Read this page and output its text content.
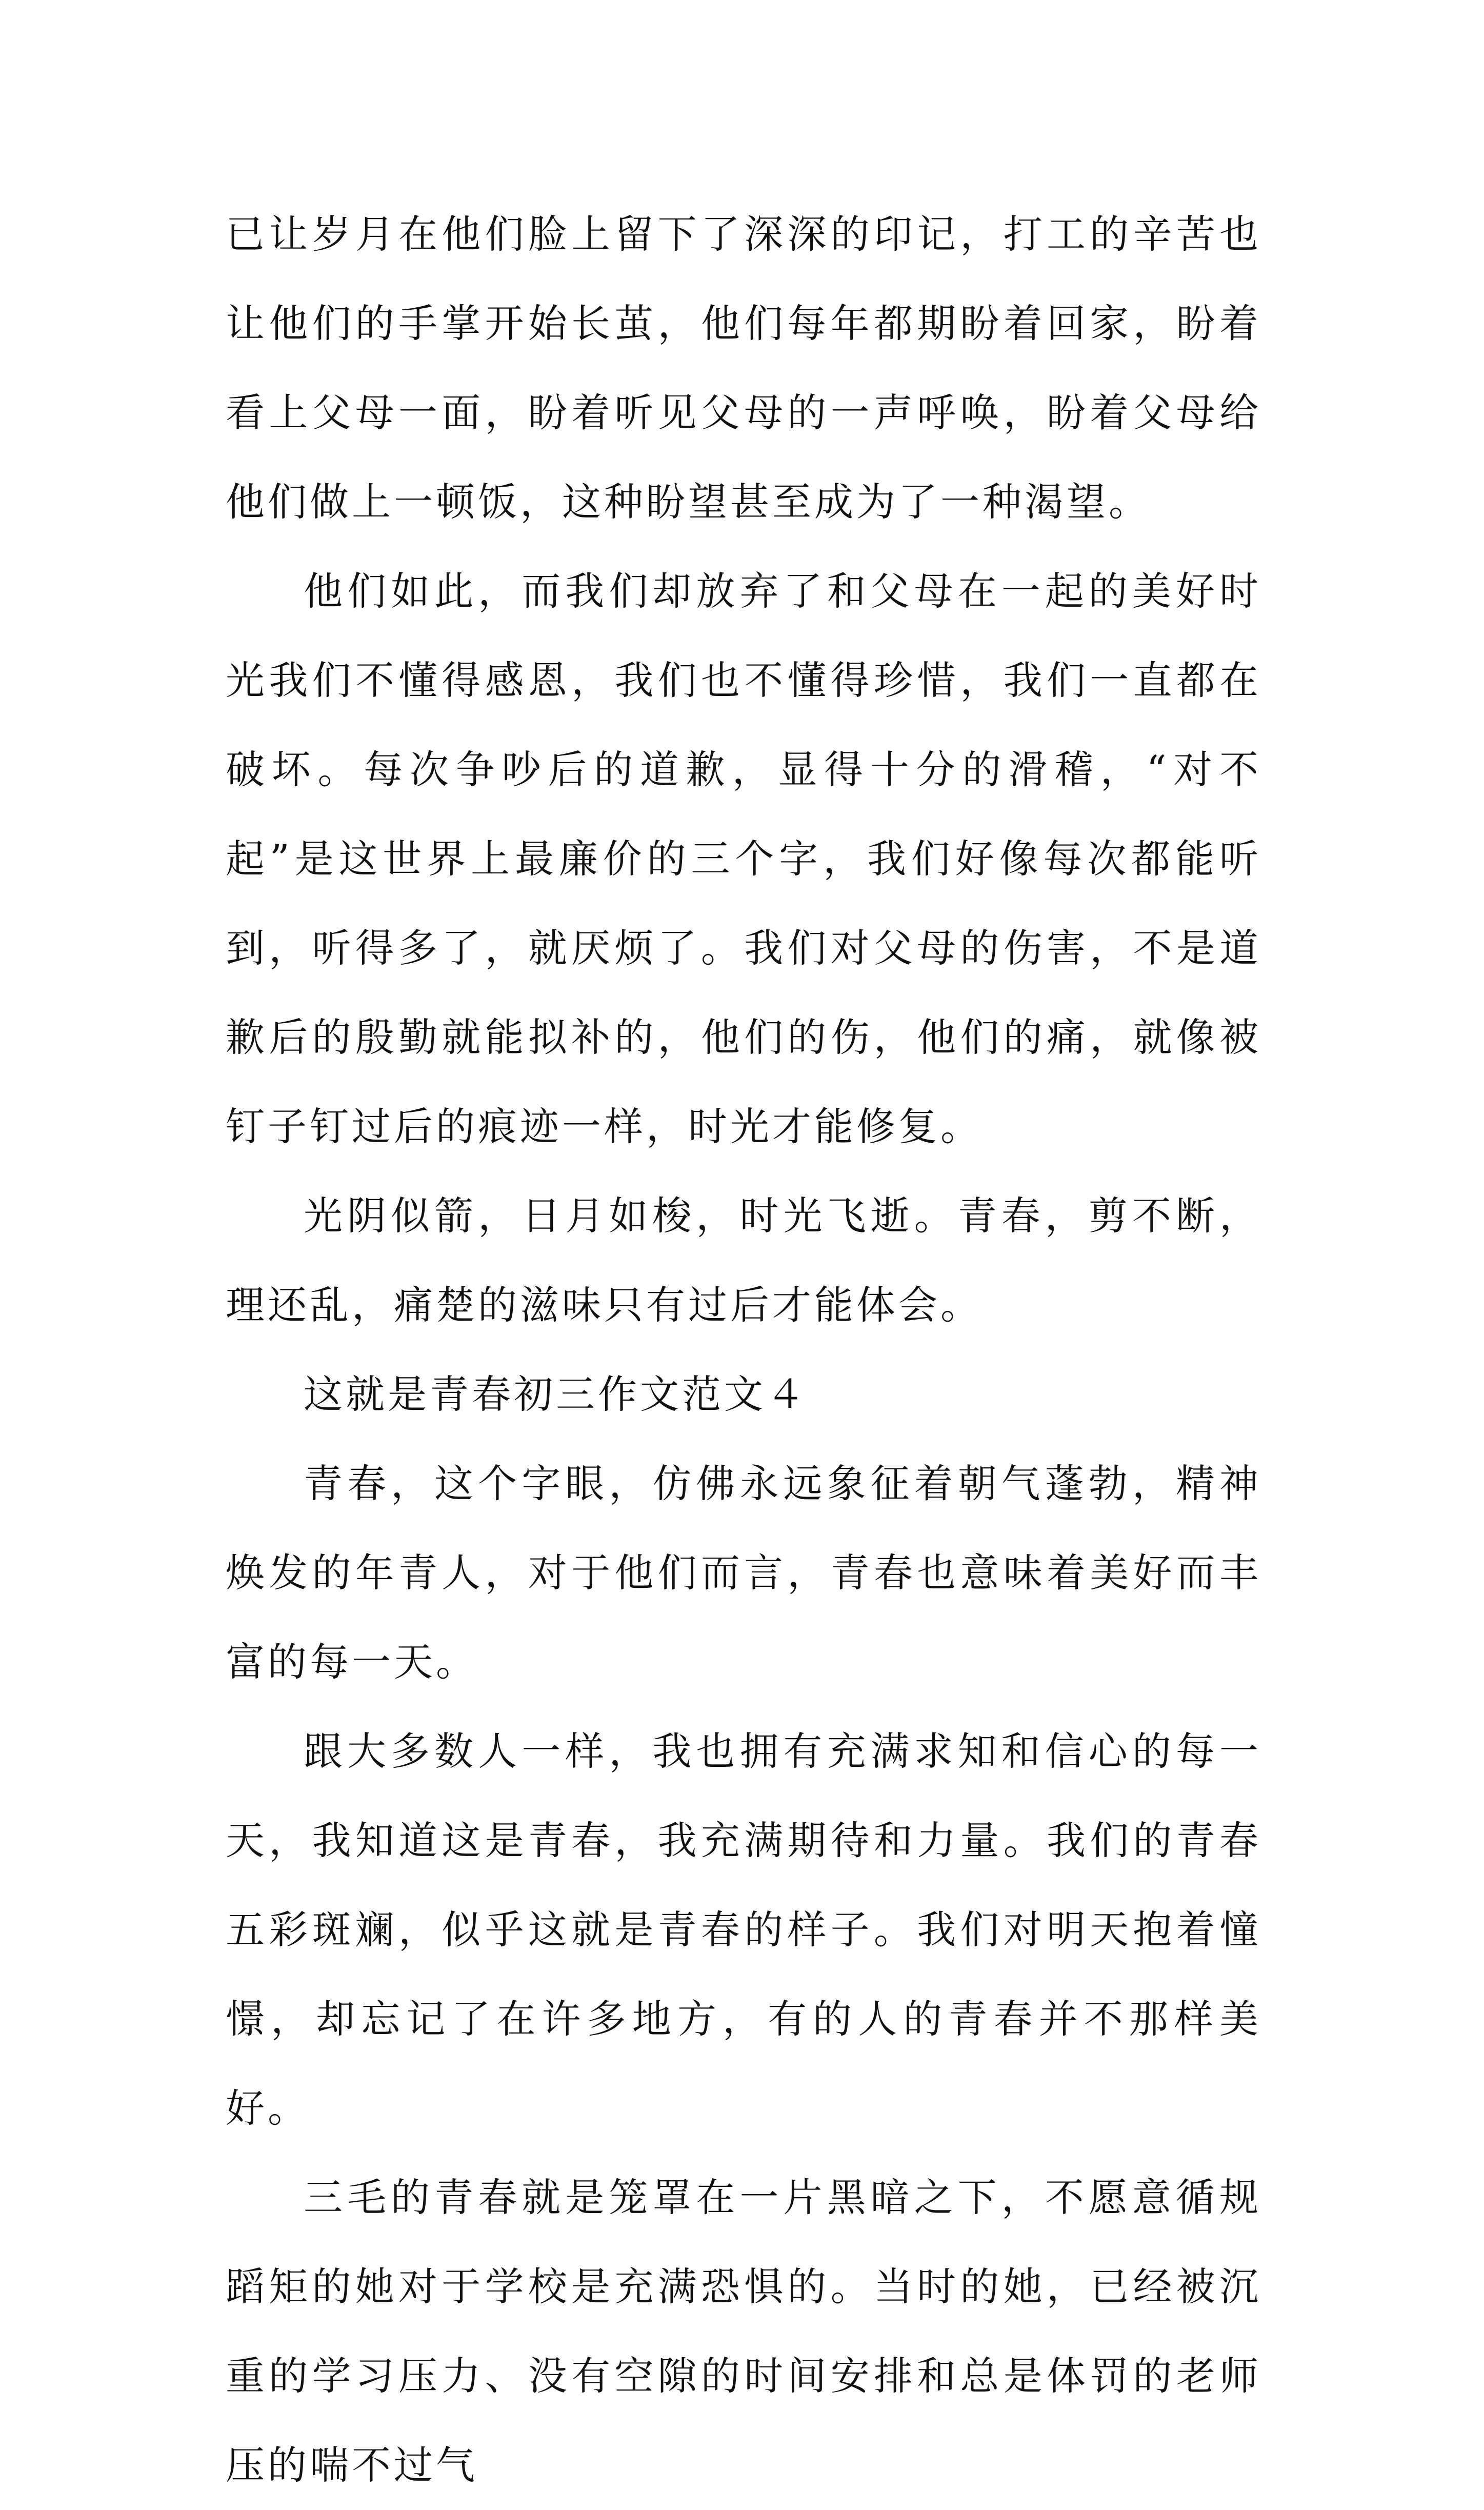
已让岁月在他们脸上留下了深深的印记，打工的辛苦也让他们的手掌开始长茧，他们每年都期盼着回家，盼着看上父母一面，盼着听见父母的一声呼唤，盼着父母给他们做上一顿饭，这种盼望甚至成为了一种渴望。

他们如此，而我们却放弃了和父母在一起的美好时光我们不懂得感恩，我们也不懂得珍惜，我们一直都在破坏。每次争吵后的道歉，显得十分的滑稽，“对不起”是这世界上最廉价的三个字，我们好像每次都能听到，听得多了，就厌烦了。我们对父母的伤害，不是道歉后的殷勤就能拟补的，他们的伤，他们的痛，就像被钉子钉过后的痕迹一样，时光才能修复。

光阴似箭，日月如梭，时光飞逝。青春，剪不断，理还乱，痛楚的滋味只有过后才能体会。

这就是青春初三作文范文４

青春，这个字眼，仿佛永远象征着朝气蓬勃，精神焕发的年青人，对于他们而言，青春也意味着美好而丰富的每一天。

跟大多数人一样，我也拥有充满求知和信心的每一天，我知道这是青春，我充满期待和力量。我们的青春五彩斑斓，似乎这就是青春的样子。我们对明天抱着憧憬，却忘记了在许多地方，有的人的青春并不那样美好。

三毛的青春就是笼罩在一片黑暗之下，不愿意循规蹈矩的她对于学校是充满恐惧的。当时的她，已经被沉重的学习压力、没有空隙的时间安排和总是体罚的老师压的喘不过气
